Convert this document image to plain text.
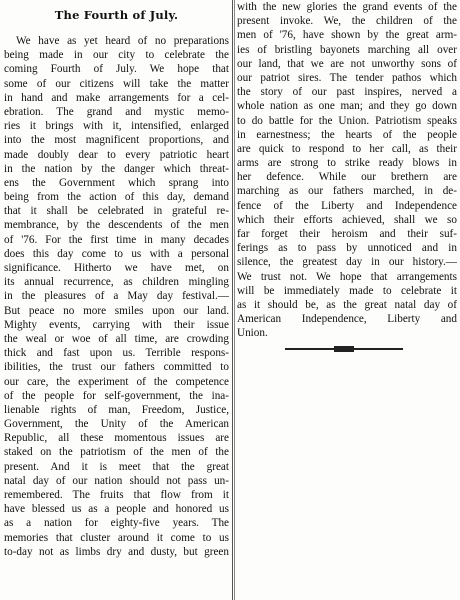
The Fourth of July.
We have as yet heard of no preparations
being made in our city to celebrate the
coming Fourth of July. We hope that
some of our citizens will take the matter
in hand and make arrangements for a cel-
ebration. The grand and mystic memo-
ries it brings with it, intensified, enlarged
into the most magnificent proportions, and
made doubly dear to every patriotic heart
in the nation by the danger which threat-
ens the Government which sprang into
being from the action of this day, demand
that it shall be celebrated in grateful re-
membrance, by the descendents of the men
of '76. For the first time in many decades
does this day come to us with a personal
significance. Hitherto we have met, on
its annual recurrence, as children mingling
in the pleasures of a May day festival.—
But peace no more smiles upon our land.
Mighty events, carrying with their issue
the weal or woe of all time, are crowding
thick and fast upon us. Terrible respons-
ibilities, the trust our fathers committed to
our care, the experiment of the competence
of the people for self-government, the ina-
lienable rights of man, Freedom, Justice,
Government, the Unity of the American
Republic, all these momentous issues are
staked on the patriotism of the men of the
present. And it is meet that the great
natal day of our nation should not pass un-
remembered. The fruits that flow from it
have blessed us as a people and honored us
as a nation for eighty-five years. The
memories that cluster around it come to us
to-day not as limbs dry and dusty, but green
with the new glories the grand events of the
present invoke. We, the children of the
men of '76, have shown by the great arm-
ies of bristling bayonets marching all over
our land, that we are not unworthy sons of
our patriot sires. The tender pathos which
the story of our past inspires, nerved a
whole nation as one man; and they go down
to do battle for the Union. Patriotism speaks
in earnestness; the hearts of the people
are quick to respond to her call, as their
arms are strong to strike ready blows in
her defence. While our brethern are
marching as our fathers marched, in de-
fence of the Liberty and Independence
which their efforts achieved, shall we so
far forget their heroism and their suf-
ferings as to pass by unnoticed and in
silence, the greatest day in our history.—
We trust not. We hope that arrangements
will be immediately made to celebrate it
as it should be, as the great natal day of
American Independence, Liberty and
Union.
